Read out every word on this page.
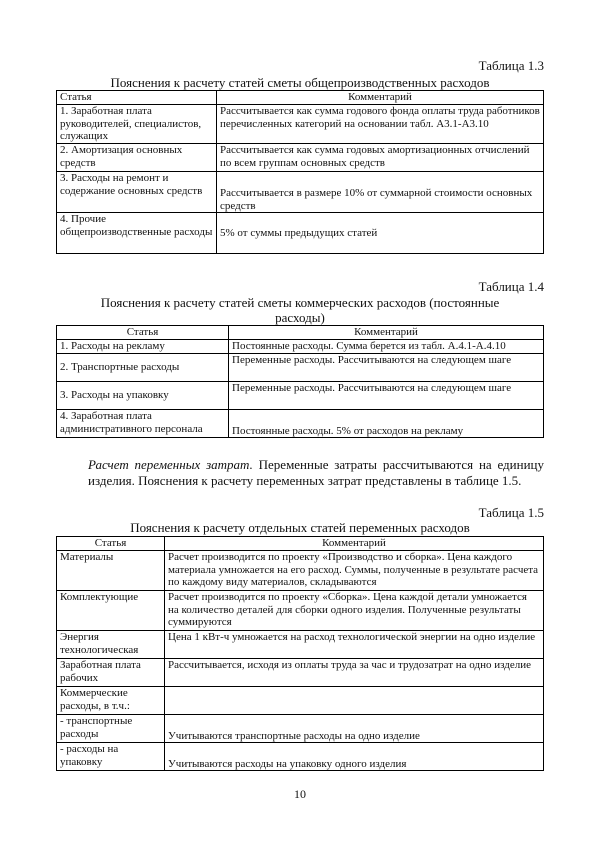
Таблица 1.3
Пояснения к расчету статей сметы общепроизводственных расходов
Статья	Комментарий
1. Заработная плата руководителей, специалистов, служащих	Рассчитывается как сумма годового фонда оплаты труда работников перечисленных категорий на основании табл. А3.1-А3.10
2. Амортизация основных средств	Рассчитывается как сумма годовых амортизационных отчислений по всем группам основных средств
3. Расходы на ремонт и содержание основных средств	Рассчитывается в размере 10% от суммарной стоимости основных средств
4. Прочие общепроизводственные расходы	5% от суммы предыдущих статей
Таблица 1.4
Пояснения к расчету статей сметы коммерческих расходов (постоянные расходы)
Статья	Комментарий
1. Расходы на рекламу	Постоянные расходы. Сумма берется из табл. А.4.1-А.4.10
2. Транспортные расходы	Переменные расходы. Рассчитываются на следующем шаге
3. Расходы на упаковку	Переменные расходы. Рассчитываются на следующем шаге
4. Заработная плата административного персонала	Постоянные расходы. 5% от расходов на рекламу
Расчет переменных затрат. Переменные затраты рассчитываются на единицу изделия. Пояснения к расчету переменных затрат представлены в таблице 1.5.
Таблица 1.5
Пояснения к расчету отдельных статей переменных расходов
Статья	Комментарий
Материалы	Расчет производится по проекту «Производство и сборка». Цена каждого материала умножается на его расход. Суммы, полученные в результате расчета по каждому виду материалов, складываются
Комплектующие	Расчет производится по проекту «Сборка». Цена каждой детали умножается на количество деталей для сборки одного изделия. Полученные результаты суммируются
Энергия технологическая	Цена 1 кВт-ч умножается на расход технологической энергии на одно изделие
Заработная плата рабочих	Рассчитывается, исходя из оплаты труда за час и трудозатрат на одно изделие
Коммерческие расходы, в т.ч.:	
- транспортные расходы	Учитываются транспортные расходы на одно изделие
- расходы на упаковку	Учитываются расходы на упаковку одного изделия
10
